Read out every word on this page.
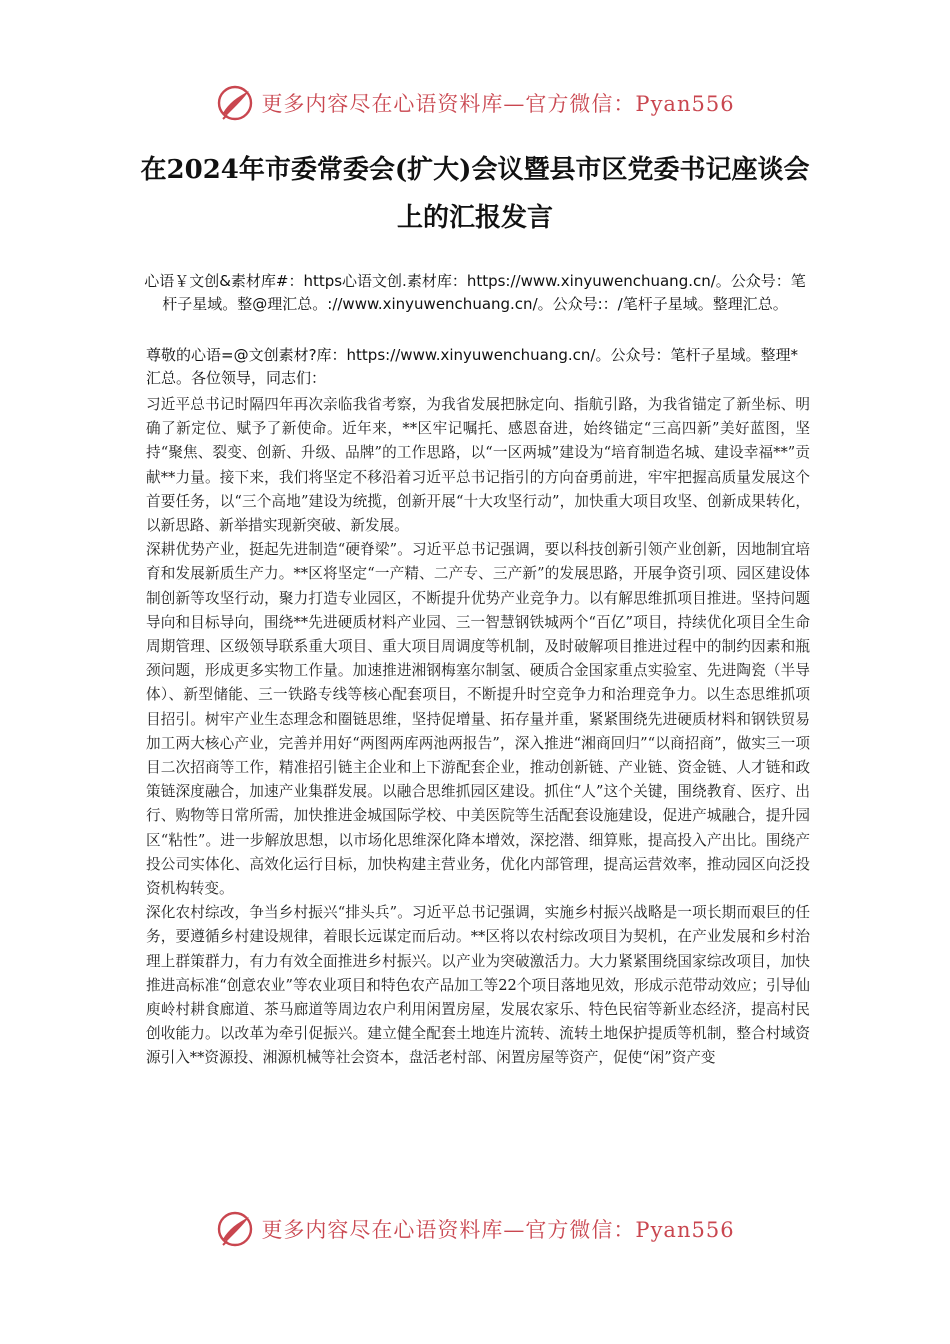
更多内容尽在心语资料库—官方微信：Pyan556
在2024年市委常委会(扩大)会议暨县市区党委书记座谈会上的汇报发言
心语￥文创&素材库#：https心语文创.素材库：https://www.xinyuwenchuang.cn/。公众号：笔杆子星域。整@理汇总。://www.xinyuwenchuang.cn/。公众号:：/笔杆子星域。整理汇总。
尊敬的心语=@文创素材?库：https://www.xinyuwenchuang.cn/。公众号：笔杆子星域。整理*汇总。各位领导，同志们：

习近平总书记时隔四年再次亲临我省考察，为我省发展把脉定向、指航引路，为我省锚定了新坐标、明确了新定位、赋予了新使命。近年来，**区牢记嘱托、感恩奋进，始终锚定“三高四新”美好蓝图，坚持“聚焦、裂变、创新、升级、品牌”的工作思路，以“一区两城”建设为“培育制造名城、建设幸福**”贡献**力量。接下来，我们将坚定不移沿着习近平总书记指引的方向奋勇前进，牢牢把握高质量发展这个首要任务，以“三个高地”建设为统揽，创新开展“十大攻坚行动”，加快重大项目攻坚、创新成果转化，以新思路、新举措实现新突破、新发展。

深耕优势产业，挺起先进制造“硬脊梁”。习近平总书记强调，要以科技创新引领产业创新，因地制宜培育和发展新质生产力。**区将坚定“一产精、二产专、三产新”的发展思路，开展争资引项、园区建设体制创新等攻坚行动，聚力打造专业园区，不断提升优势产业竞争力。以有解思维抓项目推进。坚持问题导向和目标导向，围绕**先进硬质材料产业园、三一智慧钢铁城两个“百亿”项目，持续优化项目全生命周期管理、区级领导联系重大项目、重大项目周调度等机制，及时破解项目推进过程中的制约因素和瓶颈问题，形成更多实物工作量。加速推进湘钢梅塞尔制氢、硬质合金国家重点实验室、先进陶瓷（半导体）、新型储能、三一铁路专线等核心配套项目，不断提升时空竞争力和治理竞争力。以生态思维抓项目招引。树牢产业生态理念和圈链思维，坚持促增量、拓存量并重，紧紧围绕先进硬质材料和钢铁贸易加工两大核心产业，完善并用好“两图两库两池两报告”，深入推进“湘商回归”“以商招商”，做实三一项目二次招商等工作，精准招引链主企业和上下游配套企业，推动创新链、产业链、资金链、人才链和政策链深度融合，加速产业集群发展。以融合思维抓园区建设。抓住“人”这个关键，围绕教育、医疗、出行、购物等日常所需，加快推进金城国际学校、中美医院等生活配套设施建设，促进产城融合，提升园区“粘性”。进一步解放思想，以市场化思维深化降本增效，深挖潜、细算账，提高投入产出比。围绕产投公司实体化、高效化运行目标，加快构建主营业务，优化内部管理，提高运营效率，推动园区向泛投资机构转变。

深化农村综改，争当乡村振兴“排头兵”。习近平总书记强调，实施乡村振兴战略是一项长期而艰巨的任务，要遵循乡村建设规律，着眼长远谋定而后动。**区将以农村综改项目为契机，在产业发展和乡村治理上群策群力，有力有效全面推进乡村振兴。以产业为突破激活力。大力紧紧围绕国家综改项目，加快推进高标准“创意农业”等农业项目和特色农产品加工等22个项目落地见效，形成示范带动效应；引导仙庾岭村耕食廊道、茶马廊道等周边农户利用闲置房屋，发展农家乐、特色民宿等新业态经济，提高村民创收能力。以改革为牵引促振兴。建立健全配套土地连片流转、流转土地保护提质等机制，整合村域资源引入**资源投、湘源机械等社会资本，盘活老村部、闲置房屋等资产，促使“闲”资产变

更多内容尽在心语资料库—官方微信：Pyan556
